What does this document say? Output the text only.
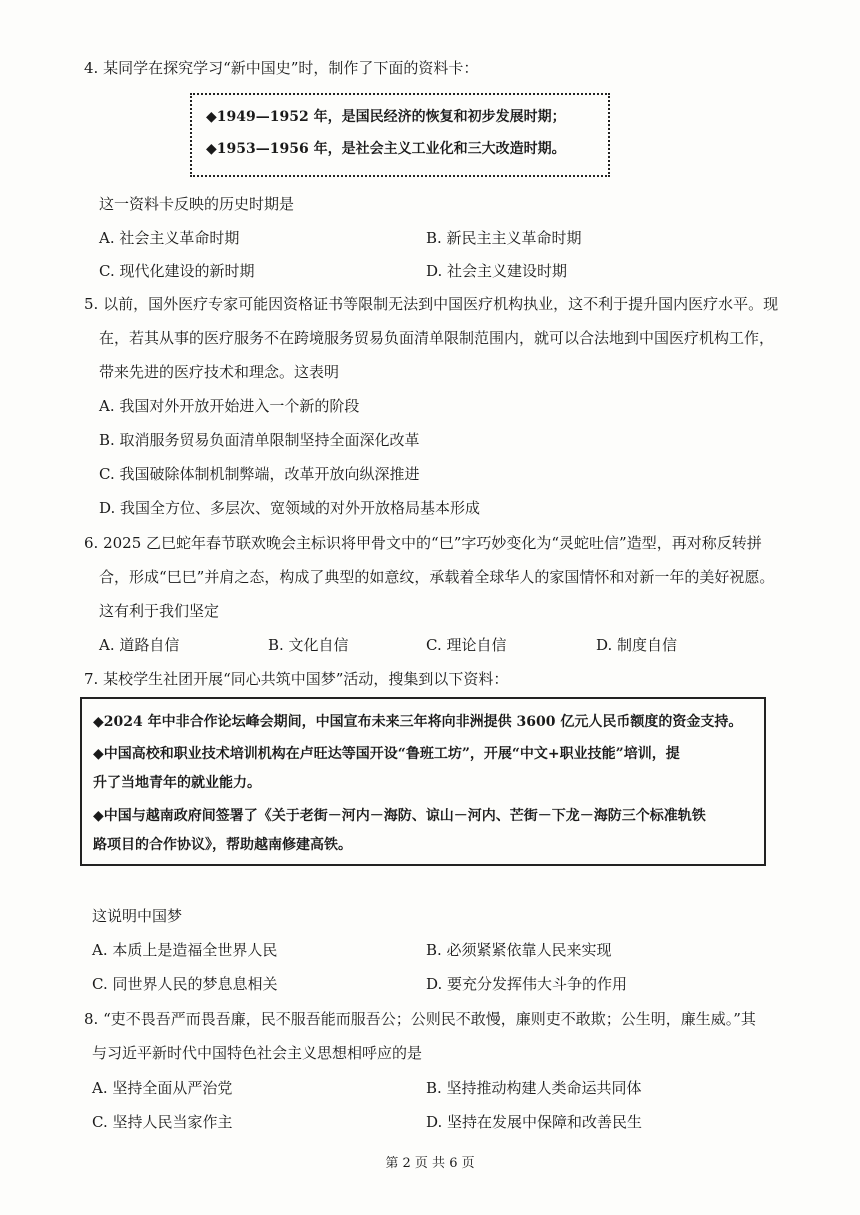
4. 某同学在探究学习“新中国史”时，制作了下面的资料卡：
◆1949—1952 年，是国民经济的恢复和初步发展时期；
◆1953—1956 年，是社会主义工业化和三大改造时期。
这一资料卡反映的历史时期是
A. 社会主义革命时期	B. 新民主主义革命时期
C. 现代化建设的新时期	D. 社会主义建设时期
5. 以前，国外医疗专家可能因资格证书等限制无法到中国医疗机构执业，这不利于提升国内医疗水平。现
在，若其从事的医疗服务不在跨境服务贸易负面清单限制范围内，就可以合法地到中国医疗机构工作，
带来先进的医疗技术和理念。这表明
A. 我国对外开放开始进入一个新的阶段
B. 取消服务贸易负面清单限制坚持全面深化改革
C. 我国破除体制机制弊端，改革开放向纵深推进
D. 我国全方位、多层次、宽领域的对外开放格局基本形成
6. 2025 乙巳蛇年春节联欢晚会主标识将甲骨文中的“巳”字巧妙变化为“灵蛇吐信”造型，再对称反转拼
合，形成“巳巳”并肩之态，构成了典型的如意纹，承载着全球华人的家国情怀和对新一年的美好祝愿。
这有利于我们坚定
A. 道路自信	B. 文化自信	C. 理论自信	D. 制度自信
7. 某校学生社团开展“同心共筑中国梦”活动，搜集到以下资料：
◆2024 年中非合作论坛峰会期间，中国宣布未来三年将向非洲提供 3600 亿元人民币额度的资金支持。
◆中国高校和职业技术培训机构在卢旺达等国开设“鲁班工坊”，开展“中文+职业技能”培训，提
升了当地青年的就业能力。
◆中国与越南政府间签署了《关于老街－河内－海防、谅山－河内、芒街－下龙－海防三个标准轨铁
路项目的合作协议》，帮助越南修建高铁。
这说明中国梦
A. 本质上是造福全世界人民	B. 必须紧紧依靠人民来实现
C. 同世界人民的梦息息相关	D. 要充分发挥伟大斗争的作用
8. “吏不畏吾严而畏吾廉，民不服吾能而服吾公；公则民不敢慢，廉则吏不敢欺；公生明，廉生威。”其
与习近平新时代中国特色社会主义思想相呼应的是
A. 坚持全面从严治党	B. 坚持推动构建人类命运共同体
C. 坚持人民当家作主	D. 坚持在发展中保障和改善民生
第 2 页 共 6 页
